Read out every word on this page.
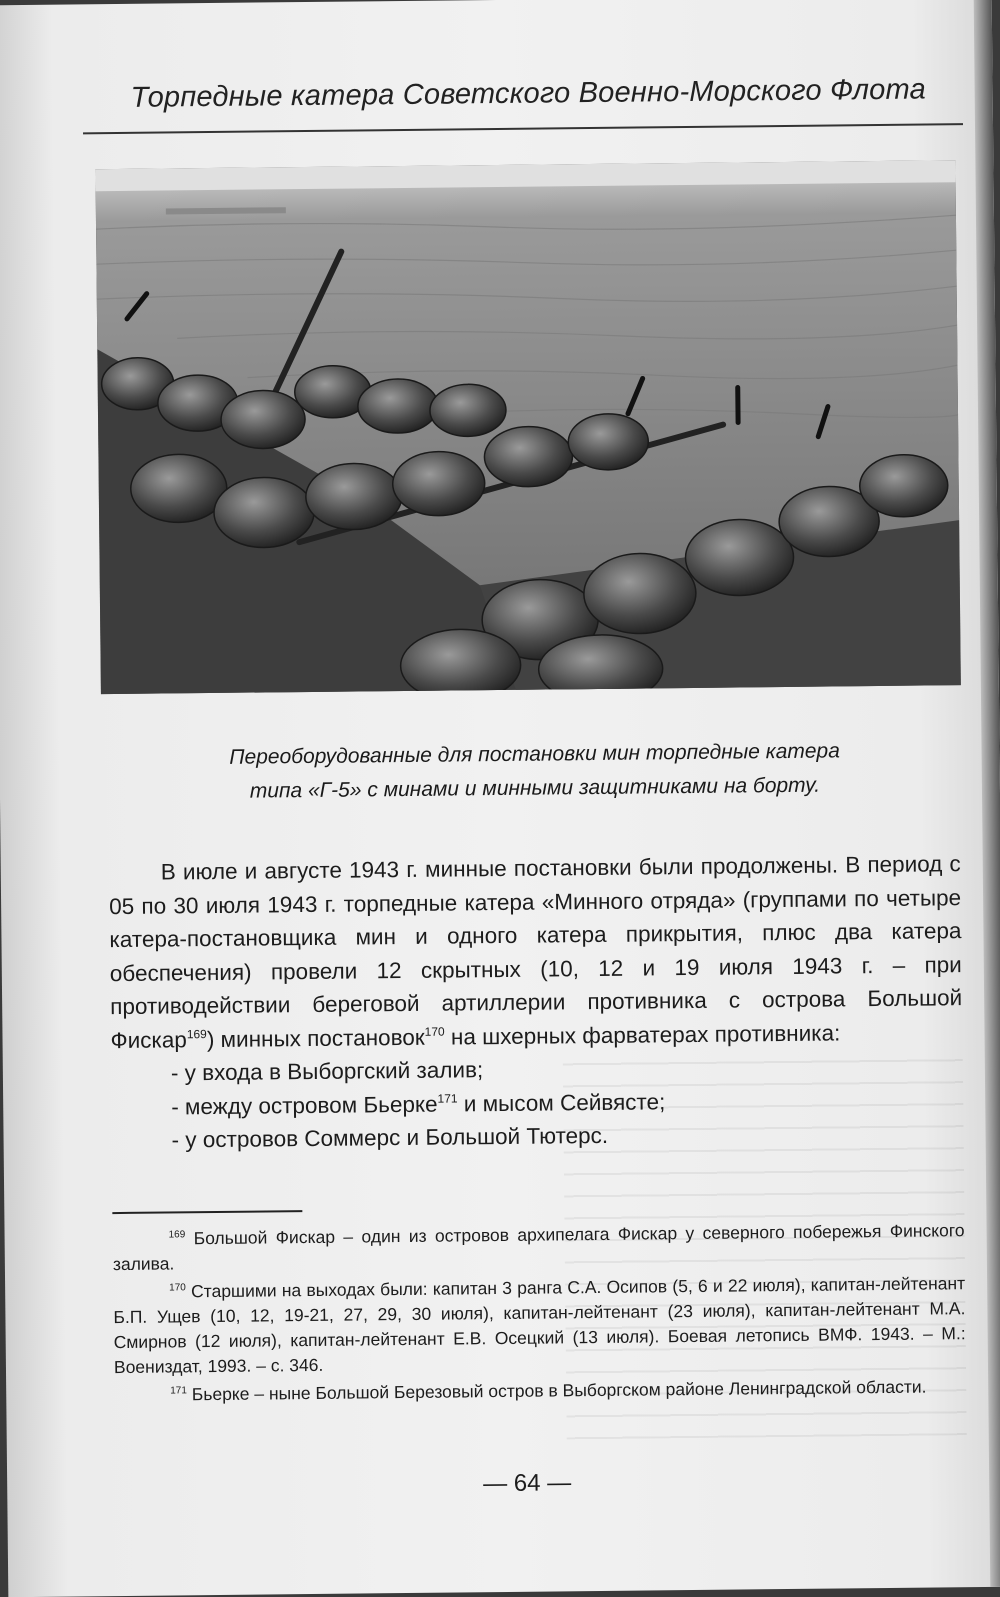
Торпедные катера Советского Военно-Морского Флота
Переоборудованные для постановки мин торпедные катера
типа «Г-5» с минами и минными защитниками на борту.

В июле и августе 1943 г. минные постановки были продолжены. В период с 05 по 30 июля 1943 г. торпедные катера «Минного отряда» (группами по четыре катера-постановщика мин и одного катера прикрытия, плюс два катера обеспечения) провели 12 скрытных (10, 12 и 19 июля 1943 г. – при противодействии береговой артиллерии противника с острова Большой Фискар$^{169}$) минных постановок$^{170}$ на шхерных фарватерах противника:

- у входа в Выборгский залив;

- между островом Бьерке$^{171}$ и мысом Сейвясте;

- у островов Соммерс и Большой Тютерс.

$^{169}$ Большой Фискар – один из островов архипелага Фискар у северного побережья Финского залива.

$^{170}$ Старшими на выходах были: капитан 3 ранга С.А. Осипов (5, 6 и 22 июля), капитан-лейтенант Б.П. Ущев (10, 12, 19-21, 27, 29, 30 июля), капитан-лейтенант (23 июля), капитан-лейтенант М.А. Смирнов (12 июля), капитан-лейтенант Е.В. Осецкий (13 июля). Боевая летопись ВМФ. 1943. – М.: Воениздат, 1993. – с. 346.

$^{171}$ Бьерке – ныне Большой Березовый остров в Выборгском районе Ленинградской области.

— 64 —
